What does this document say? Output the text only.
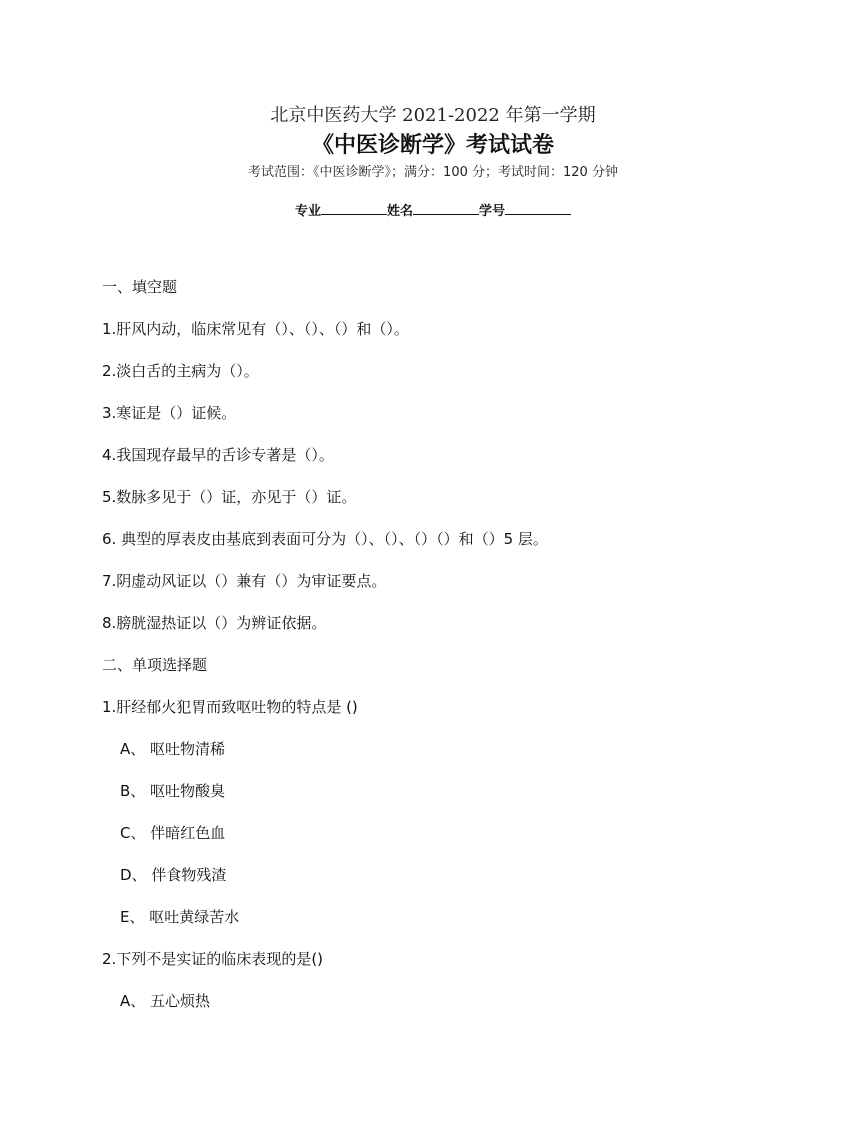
北京中医药大学 2021-2022 年第一学期
《中医诊断学》考试试卷
考试范围：《中医诊断学》；满分：100 分；考试时间：120 分钟
专业	姓名	学号
一、填空题
1.肝风内动，临床常见有（）、（）、（）和（）。
2.淡白舌的主病为（）。
3.寒证是（）证候。
4.我国现存最早的舌诊专著是（）。
5.数脉多见于（）证，亦见于（）证。
6. 典型的厚表皮由基底到表面可分为（）、（）、（）（）和（）5 层。
7.阴虚动风证以（）兼有（）为审证要点。
8.膀胱湿热证以（）为辨证依据。
二、单项选择题
1.肝经郁火犯胃而致呕吐物的特点是 ()
A、 呕吐物清稀
B、 呕吐物酸臭
C、 伴暗红色血
D、 伴食物残渣
E、 呕吐黄绿苦水
2.下列不是实证的临床表现的是()
A、 五心烦热
